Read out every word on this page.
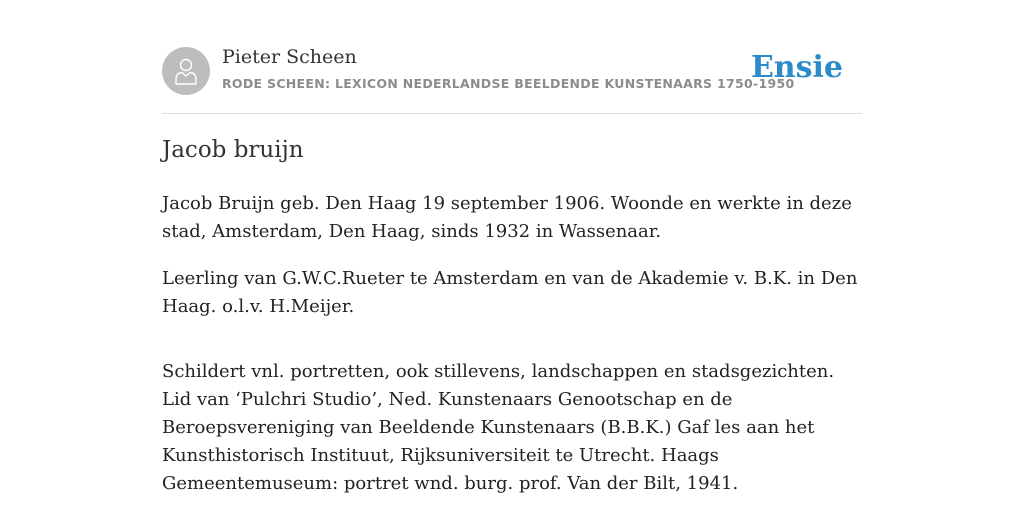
Pieter Scheen
RODE SCHEEN: LEXICON NEDERLANDSE BEELDENDE KUNSTENAARS 1750-1950
Ensie
Jacob bruijn

Jacob Bruijn geb. Den Haag 19 september 1906. Woonde en werkte in deze stad, Amsterdam, Den Haag, sinds 1932 in Wassenaar.

Leerling van G.W.C.Rueter te Amsterdam en van de Akademie v. B.K. in Den Haag. o.l.v. H.Meijer.

Schildert vnl. portretten, ook stillevens, landschappen en stadsgezichten. Lid van ‘Pulchri Studio’, Ned. Kunstenaars Genootschap en de Beroepsvereniging van Beeldende Kunstenaars (B.B.K.) Gaf les aan het Kunsthistorisch Instituut, Rijksuniversiteit te Utrecht. Haags Gemeentemuseum: portret wnd. burg. prof. Van der Bilt, 1941.
